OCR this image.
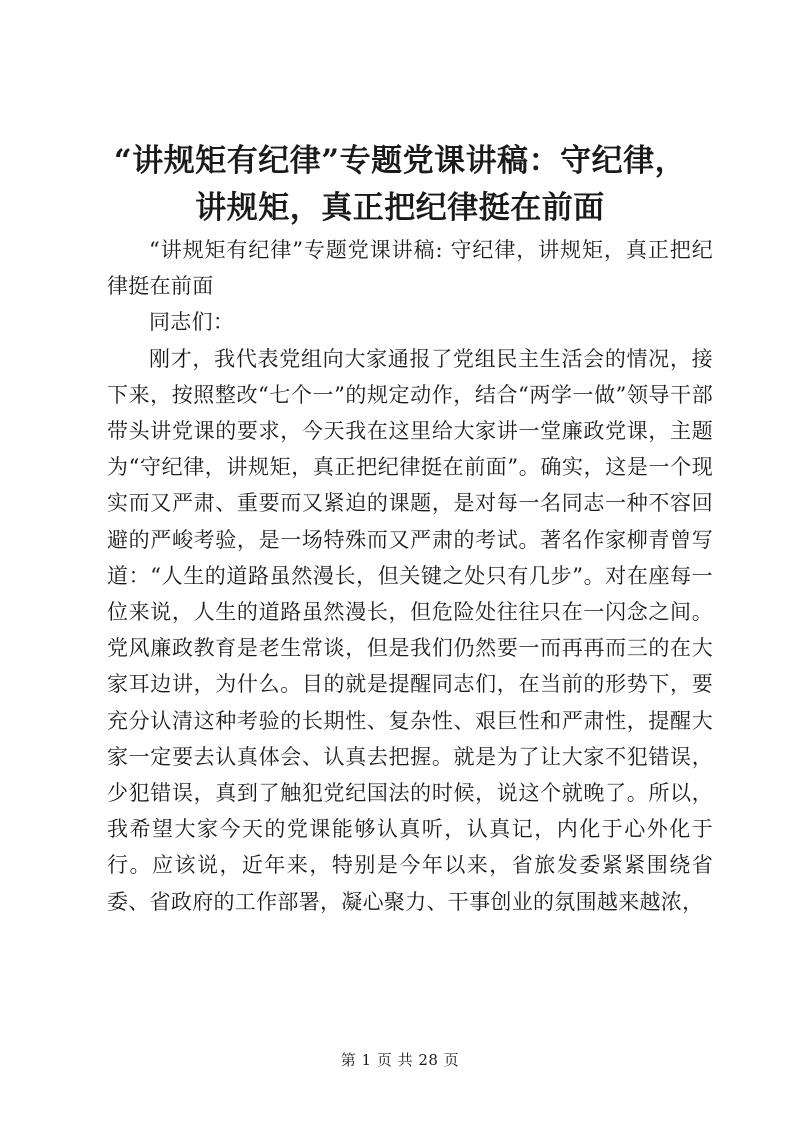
“讲规矩有纪律”专题党课讲稿：守纪律，讲规矩，真正把纪律挺在前面

“讲规矩有纪律”专题党课讲稿: 守纪律，讲规矩，真正把纪律挺在前面

同志们：

刚才，我代表党组向大家通报了党组民主生活会的情况，接下来，按照整改“七个一”的规定动作，结合“两学一做”领导干部带头讲党课的要求，今天我在这里给大家讲一堂廉政党课，主题为“守纪律，讲规矩，真正把纪律挺在前面”。确实，这是一个现实而又严肃、重要而又紧迫的课题，是对每一名同志一种不容回避的严峻考验，是一场特殊而又严肃的考试。著名作家柳青曾写道：“人生的道路虽然漫长，但关键之处只有几步”。对在座每一位来说，人生的道路虽然漫长，但危险处往往只在一闪念之间。党风廉政教育是老生常谈，但是我们仍然要一而再再而三的在大家耳边讲，为什么。目的就是提醒同志们，在当前的形势下，要充分认清这种考验的长期性、复杂性、艰巨性和严肃性，提醒大家一定要去认真体会、认真去把握。就是为了让大家不犯错误，少犯错误，真到了触犯党纪国法的时候，说这个就晚了。所以，我希望大家今天的党课能够认真听，认真记，内化于心外化于行。应该说，近年来，特别是今年以来，省旅发委紧紧围绕省委、省政府的工作部署，凝心聚力、干事创业的氛围越来越浓，

第 1 页 共 28 页
